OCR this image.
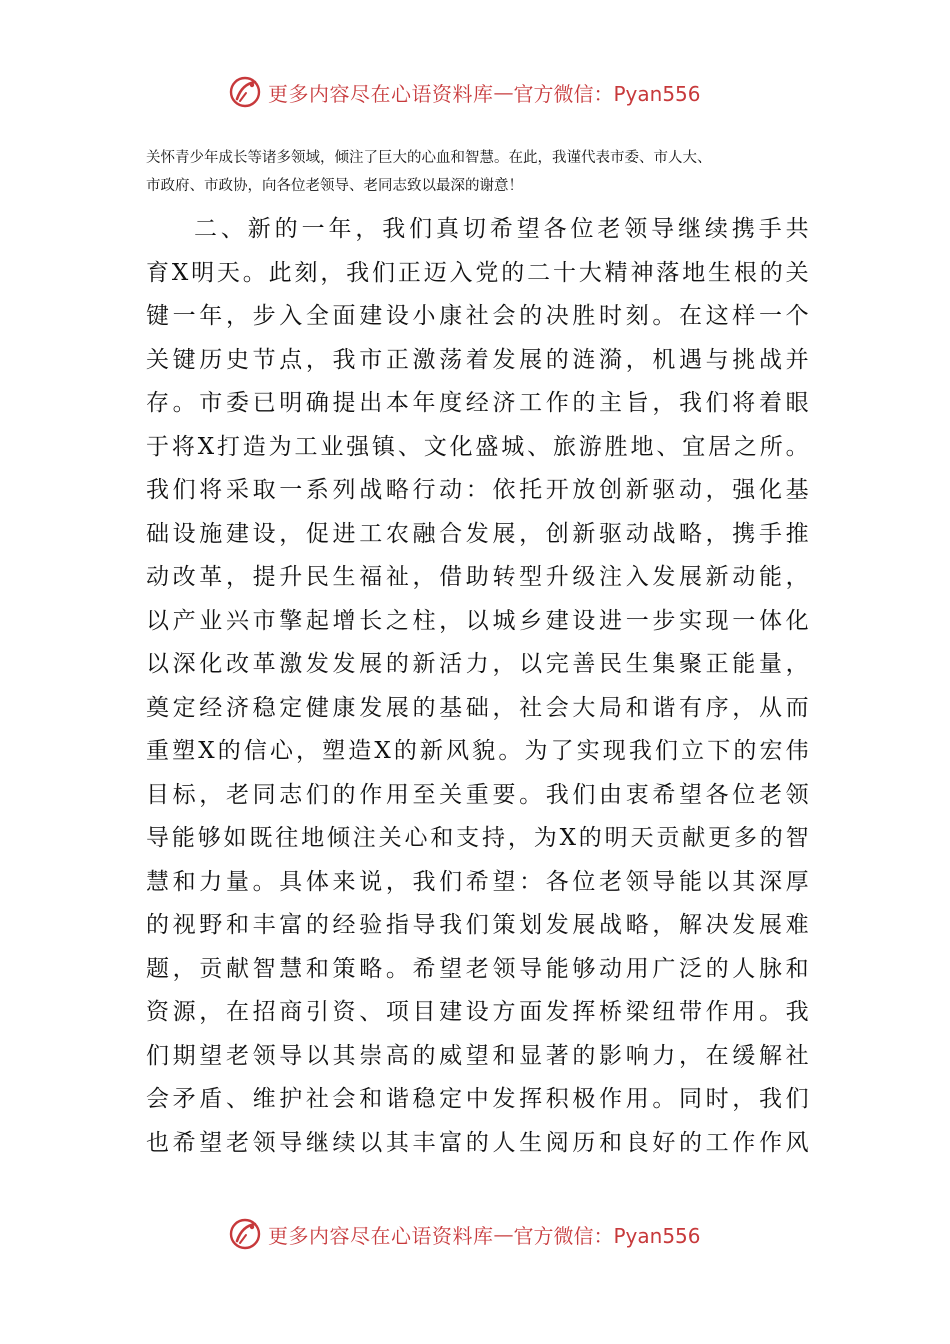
更多内容尽在心语资料库 — 官方微信：Pyan556
关怀青少年成长等诸多领域，倾注了巨大的心血和智慧。在此，我谨代表市委、市人大、
市政府、市政协，向各位老领导、老同志致以最深的谢意！
二、新的一年，我们真切希望各位老领导继续携手共
育X明天。此刻，我们正迈入党的二十大精神落地生根的关
键一年，步入全面建设小康社会的决胜时刻。在这样一个
关键历史节点，我市正激荡着发展的涟漪，机遇与挑战并
存。市委已明确提出本年度经济工作的主旨，我们将着眼
于将X打造为工业强镇、文化盛城、旅游胜地、宜居之所。
我们将采取一系列战略行动：依托开放创新驱动，强化基
础设施建设，促进工农融合发展，创新驱动战略，携手推
动改革，提升民生福祉，借助转型升级注入发展新动能，
以产业兴市擎起增长之柱，以城乡建设进一步实现一体化
以深化改革激发发展的新活力，以完善民生集聚正能量，
奠定经济稳定健康发展的基础，社会大局和谐有序，从而
重塑X的信心，塑造X的新风貌。为了实现我们立下的宏伟
目标，老同志们的作用至关重要。我们由衷希望各位老领
导能够如既往地倾注关心和支持，为X的明天贡献更多的智
慧和力量。具体来说，我们希望：各位老领导能以其深厚
的视野和丰富的经验指导我们策划发展战略，解决发展难
题，贡献智慧和策略。希望老领导能够动用广泛的人脉和
资源，在招商引资、项目建设方面发挥桥梁纽带作用。我
们期望老领导以其崇高的威望和显著的影响力，在缓解社
会矛盾、维护社会和谐稳定中发挥积极作用。同时，我们
也希望老领导继续以其丰富的人生阅历和良好的工作作风
更多内容尽在心语资料库 — 官方微信：Pyan556
